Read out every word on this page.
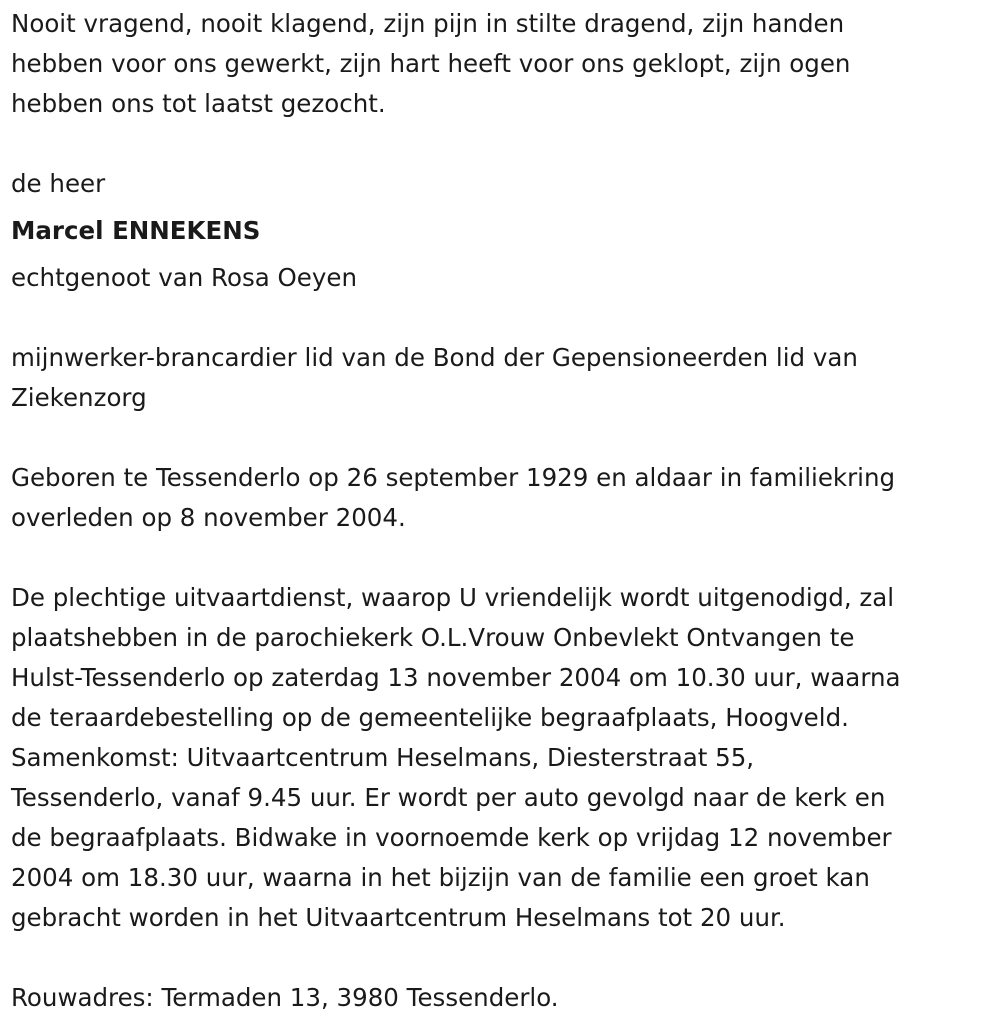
Nooit vragend, nooit klagend, zijn pijn in stilte dragend, zijn handen
hebben voor ons gewerkt, zijn hart heeft voor ons geklopt, zijn ogen
hebben ons tot laatst gezocht.

de heer

Marcel ENNEKENS

echtgenoot van Rosa Oeyen

mijnwerker-brancardier lid van de Bond der Gepensioneerden lid van
Ziekenzorg

Geboren te Tessenderlo op 26 september 1929 en aldaar in familiekring
overleden op 8 november 2004.

De plechtige uitvaartdienst, waarop U vriendelijk wordt uitgenodigd, zal
plaatshebben in de parochiekerk O.L.Vrouw Onbevlekt Ontvangen te
Hulst-Tessenderlo op zaterdag 13 november 2004 om 10.30 uur, waarna
de teraardebestelling op de gemeentelijke begraafplaats, Hoogveld.
Samenkomst: Uitvaartcentrum Heselmans, Diesterstraat 55,
Tessenderlo, vanaf 9.45 uur. Er wordt per auto gevolgd naar de kerk en
de begraafplaats. Bidwake in voornoemde kerk op vrijdag 12 november
2004 om 18.30 uur, waarna in het bijzijn van de familie een groet kan
gebracht worden in het Uitvaartcentrum Heselmans tot 20 uur.

Rouwadres: Termaden 13, 3980 Tessenderlo.
